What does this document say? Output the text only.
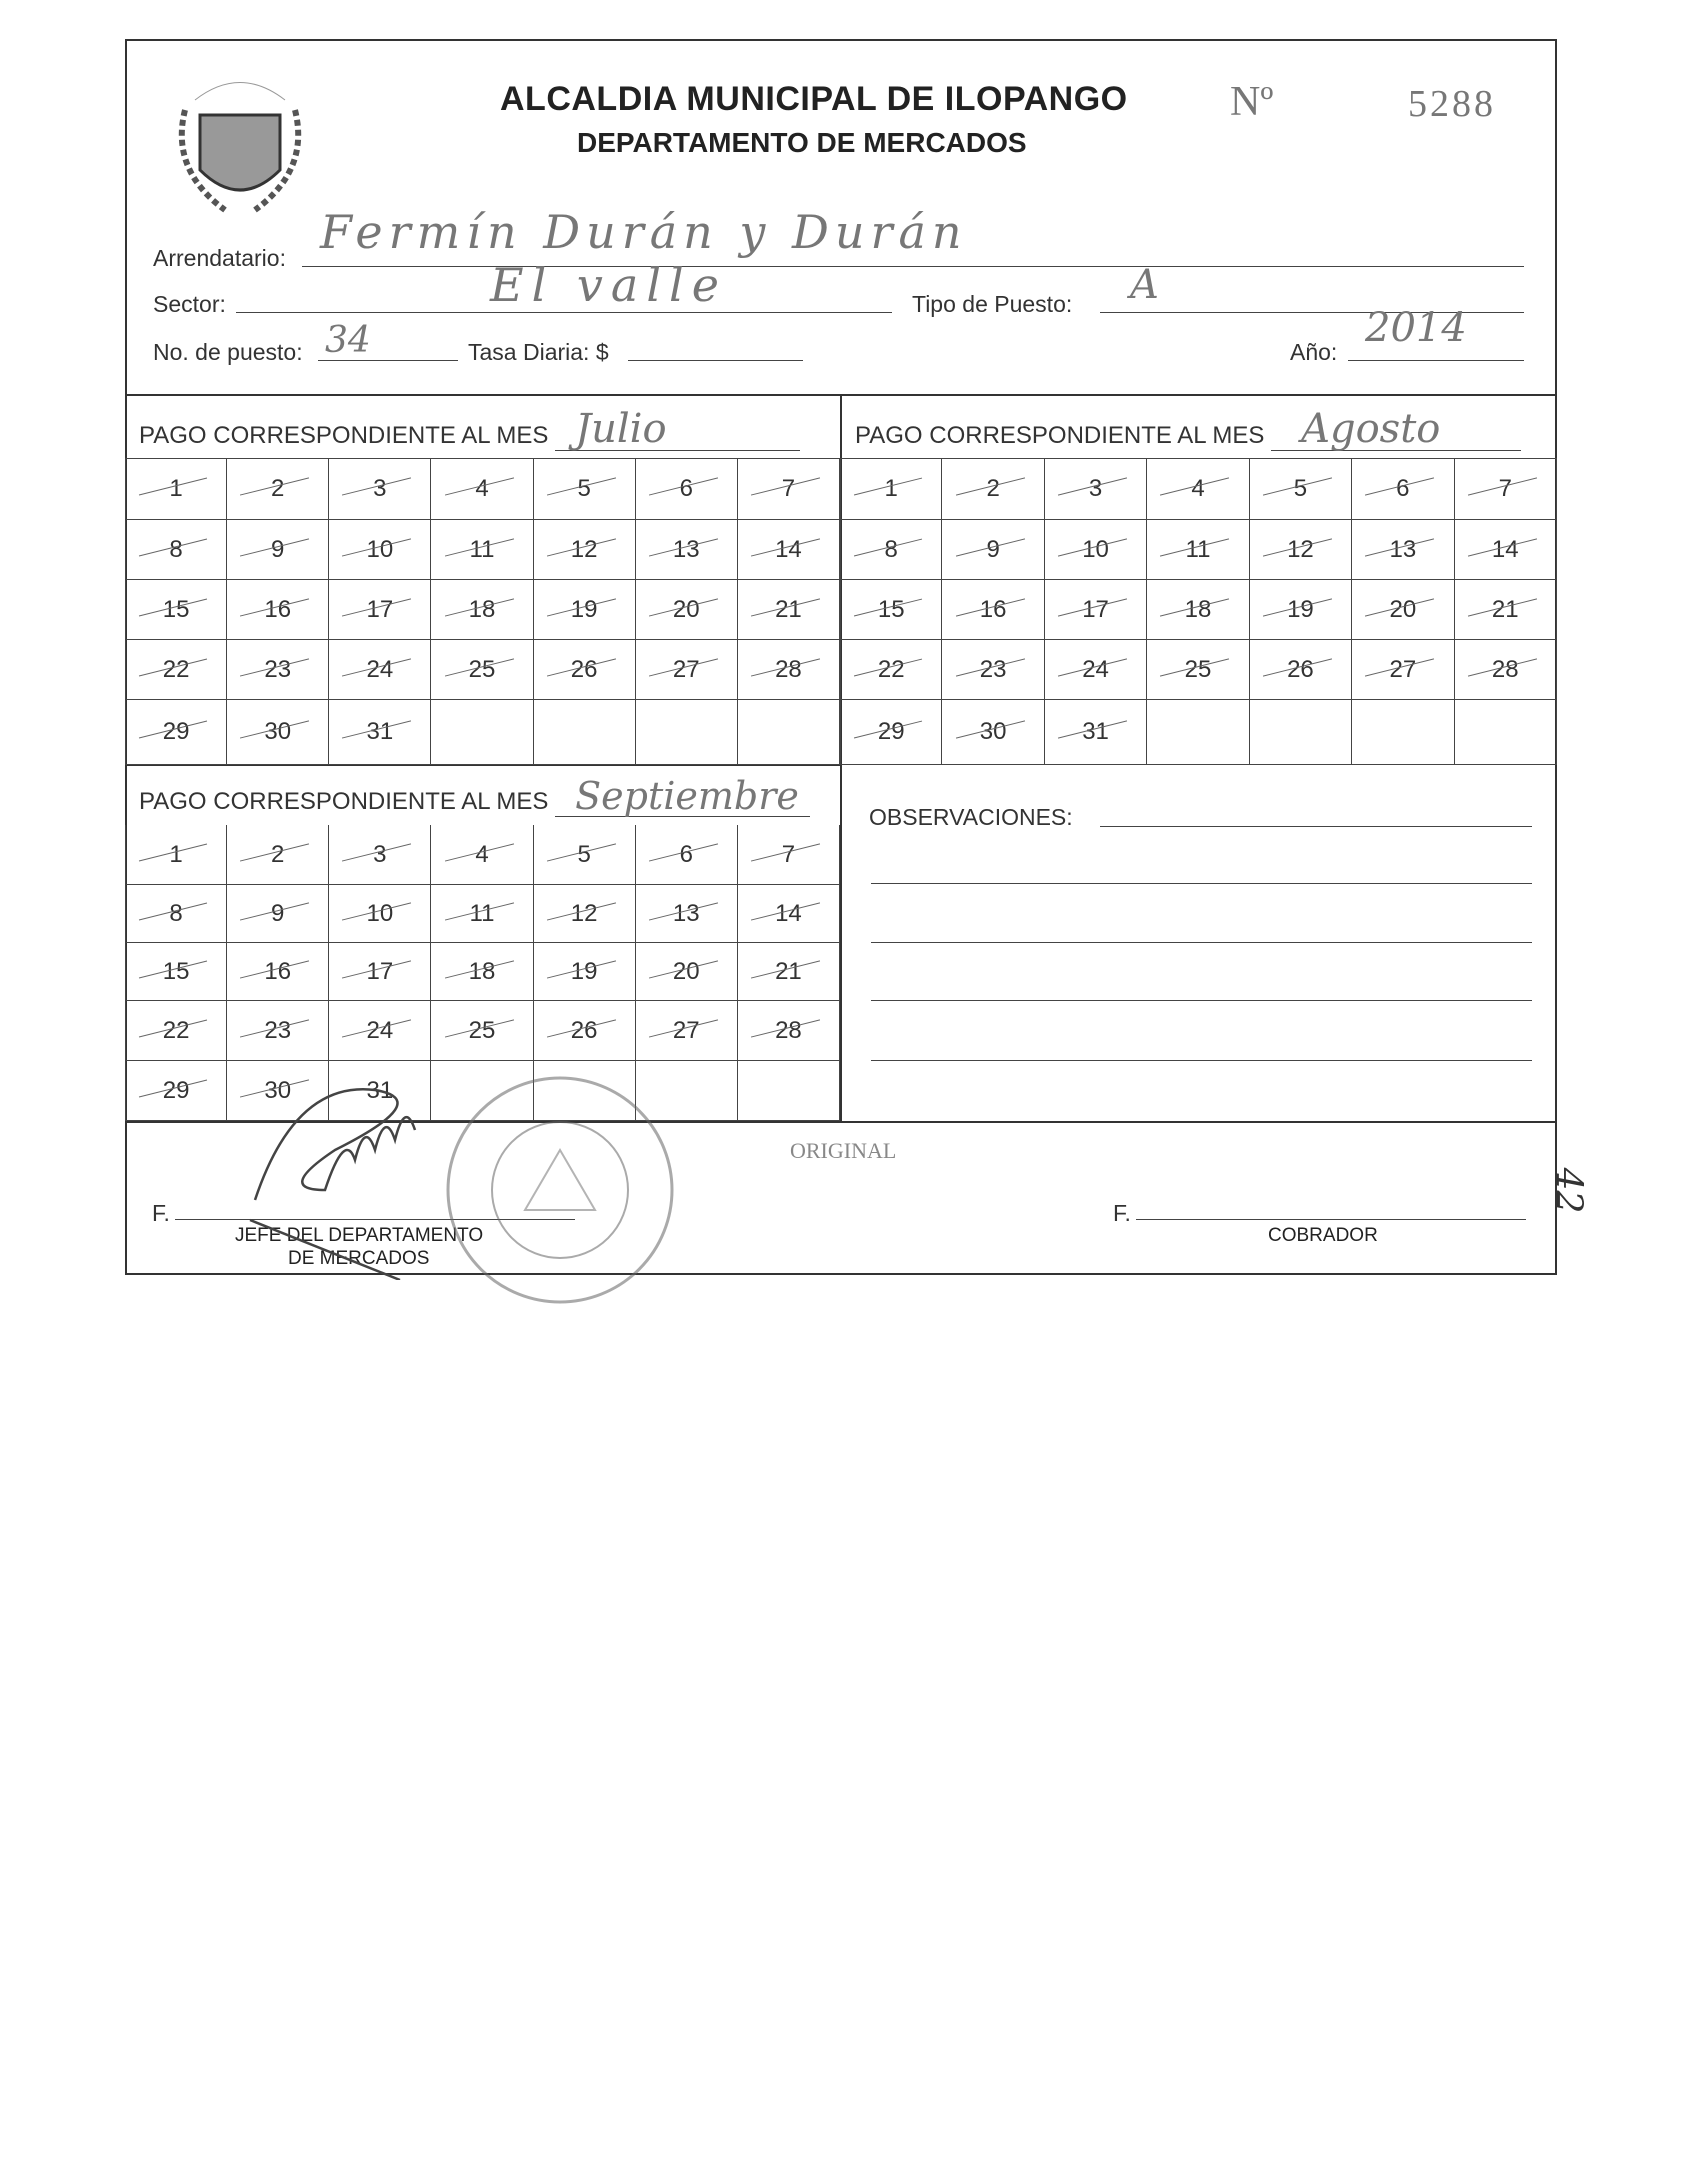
ALCALDIA MUNICIPAL DE ILOPANGO
DEPARTAMENTO DE MERCADOS
Nº	5288
Arrendatario: Fermín Durán y Durán
Sector:	El valle	Tipo de Puesto: A
No. de puesto: 34	Tasa Diaria: $	Año:
2014
PAGO CORRESPONDIENTE AL MES Julio
	PAGO CORRESPONDIENTE AL MES Agosto

PAGO CORRESPONDIENTE AL MES Septiembre

1	2	3	4	5	6	7
8	9	10	11	12	13	14
15	16	17	18	19	20	21
22	23	24	25	26	27	28
29	30	31
1	2	3	4	5	6	7
8	9	10	11	12	13	14
15	16	17	18	19	20	21
22	23	24	25	26	27	28
29	30	31
1	2	3	4	5	6	7
8	9	10	11	12	13	14
15	16	17	18	19	20	21
22	23	24	25	26	27	28
29	30	31
OBSERVACIONES:
ORIGINAL
F.
JEFE DEL DEPARTAMENTO
DE MERCADOS
F.
COBRADOR
42
